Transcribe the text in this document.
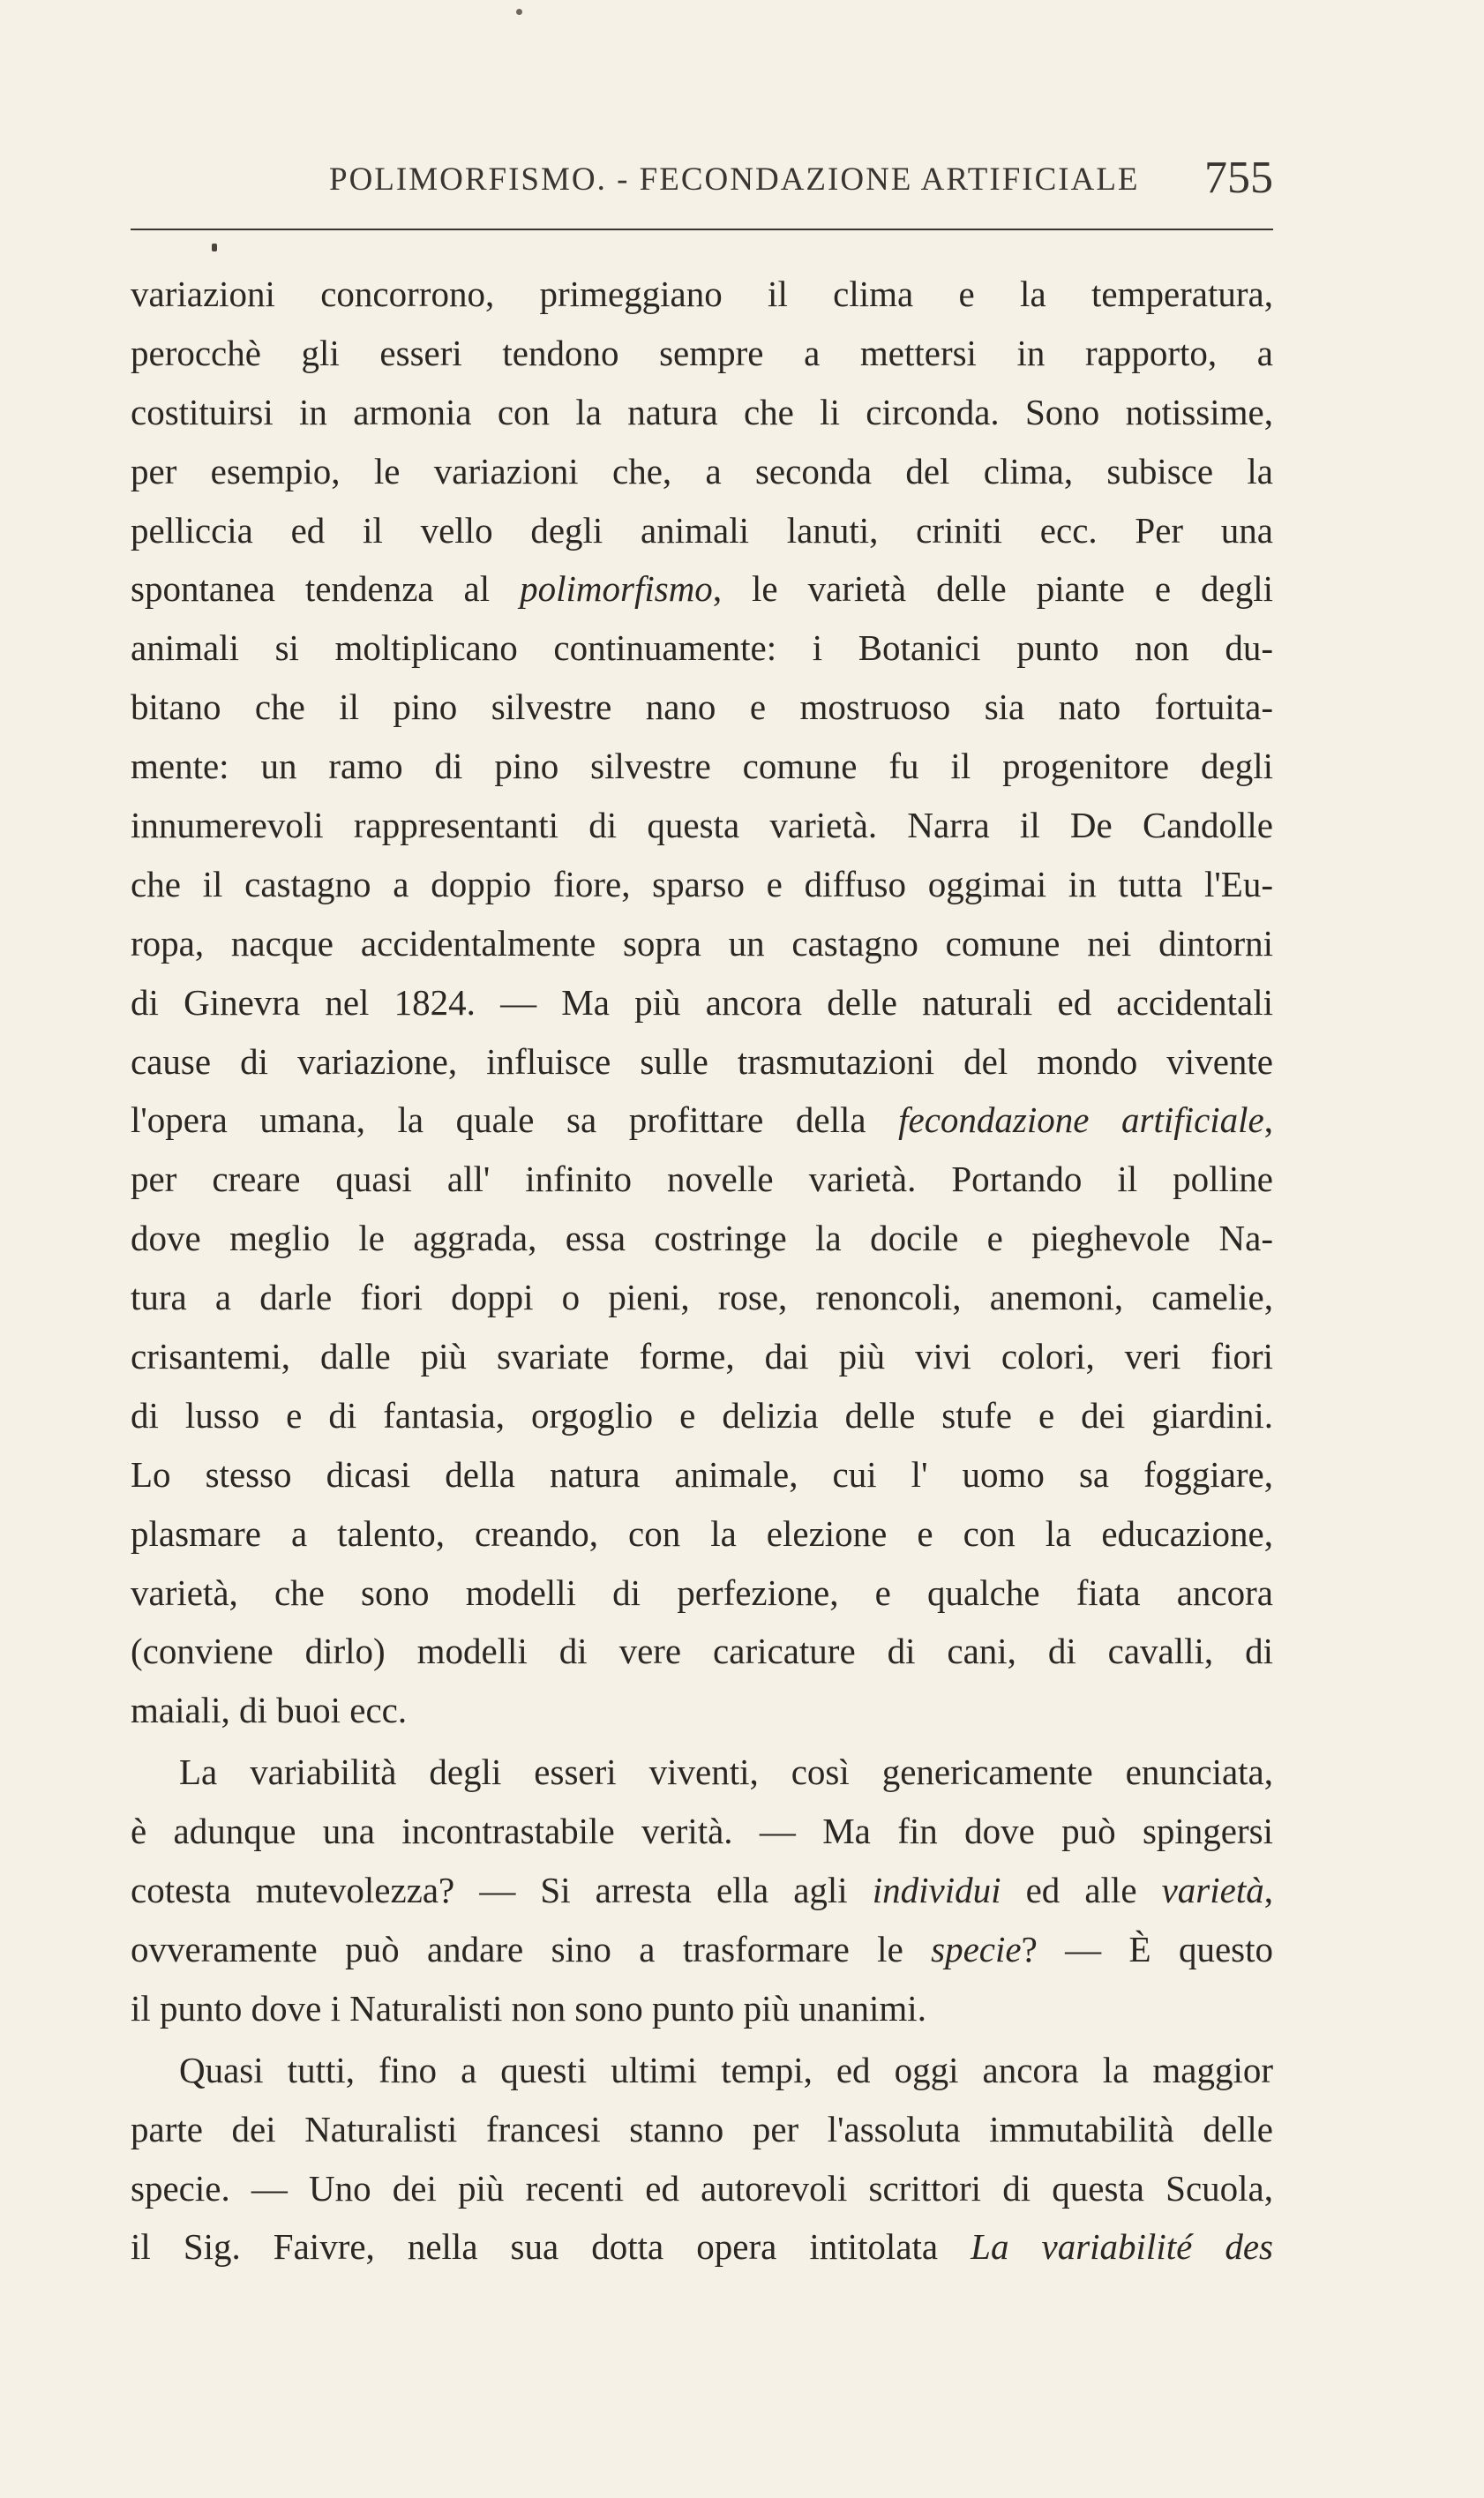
POLIMORFISMO. - FECONDAZIONE ARTIFICIALE 755
variazioni concorrono, primeggiano il clima e la temperatura,
perocchè gli esseri tendono sempre a mettersi in rapporto, a
costituirsi in armonia con la natura che li circonda. Sono notissime,
per esempio, le variazioni che, a seconda del clima, subisce la
pelliccia ed il vello degli animali lanuti, criniti ecc. Per una
spontanea tendenza al polimorfismo, le varietà delle piante e degli
animali si moltiplicano continuamente: i Botanici punto non du-
bitano che il pino silvestre nano e mostruoso sia nato fortuita-
mente: un ramo di pino silvestre comune fu il progenitore degli
innumerevoli rappresentanti di questa varietà. Narra il De Candolle
che il castagno a doppio fiore, sparso e diffuso oggimai in tutta l'Eu-
ropa, nacque accidentalmente sopra un castagno comune nei dintorni
di Ginevra nel 1824. — Ma più ancora delle naturali ed accidentali
cause di variazione, influisce sulle trasmutazioni del mondo vivente
l'opera umana, la quale sa profittare della fecondazione artificiale,
per creare quasi all' infinito novelle varietà. Portando il polline
dove meglio le aggrada, essa costringe la docile e pieghevole Na-
tura a darle fiori doppi o pieni, rose, renoncoli, anemoni, camelie,
crisantemi, dalle più svariate forme, dai più vivi colori, veri fiori
di lusso e di fantasia, orgoglio e delizia delle stufe e dei giardini.
Lo stesso dicasi della natura animale, cui l' uomo sa foggiare,
plasmare a talento, creando, con la elezione e con la educazione,
varietà, che sono modelli di perfezione, e qualche fiata ancora
(conviene dirlo) modelli di vere caricature di cani, di cavalli, di
maiali, di buoi ecc.
La variabilità degli esseri viventi, così genericamente enunciata,
è adunque una incontrastabile verità. — Ma fin dove può spingersi
cotesta mutevolezza? — Si arresta ella agli individui ed alle varietà,
ovveramente può andare sino a trasformare le specie? — È questo
il punto dove i Naturalisti non sono punto più unanimi.
Quasi tutti, fino a questi ultimi tempi, ed oggi ancora la maggior
parte dei Naturalisti francesi stanno per l'assoluta immutabilità delle
specie. — Uno dei più recenti ed autorevoli scrittori di questa Scuola,
il Sig. Faivre, nella sua dotta opera intitolata La variabilité des
